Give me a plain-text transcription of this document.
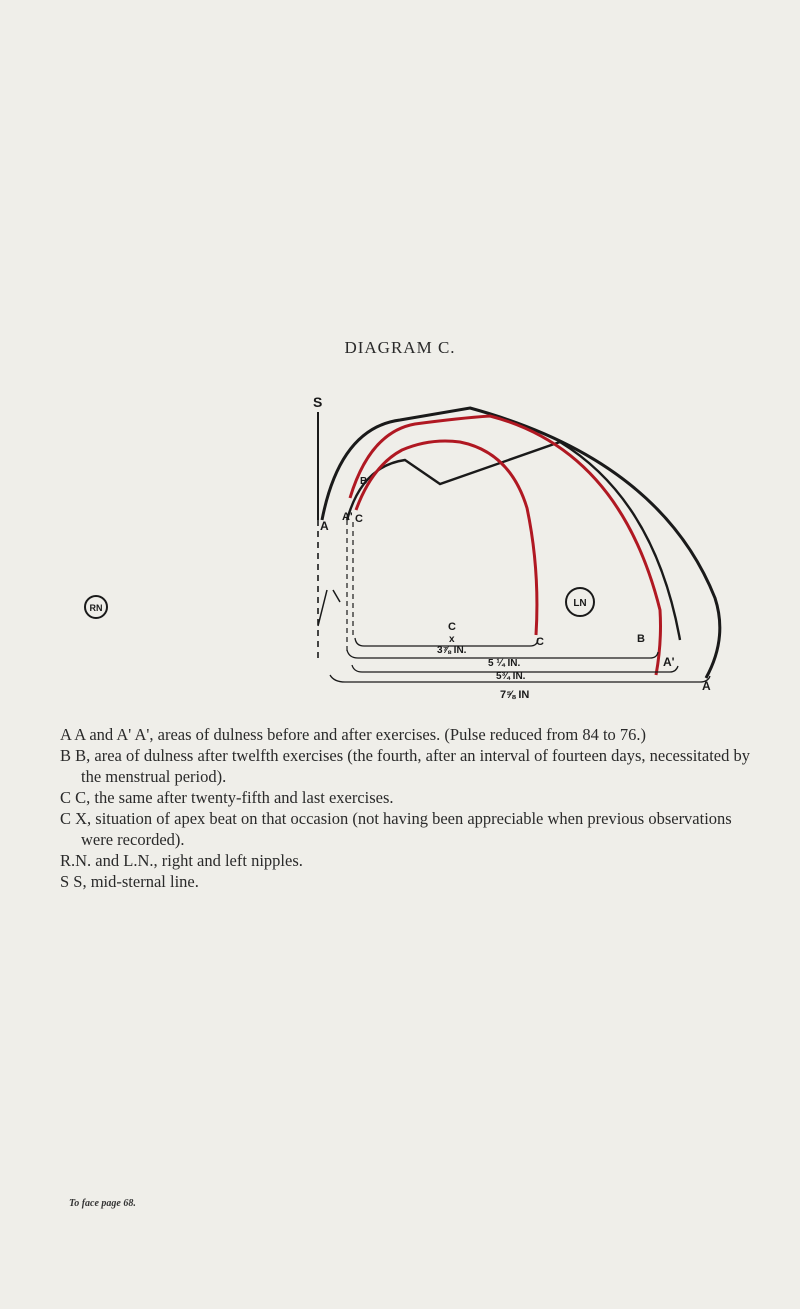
DIAGRAM C.
S
A
A' C
B
C
x	C	B
A'
A
3⅞ IN.
5 ¼ IN.
5¾ IN.
7⅝ IN
RN	LN

A A and A' A', areas of dulness before and after exercises. (Pulse reduced from 84 to 76.)

B B, area of dulness after twelfth exercises (the fourth, after an interval of fourteen days, necessitated by the menstrual period).

C C, the same after twenty-fifth and last exercises.

C X, situation of apex beat on that occasion (not having been appreciable when previous observations were recorded).

R.N. and L.N., right and left nipples.

S S, mid-sternal line.

To face page 68.
